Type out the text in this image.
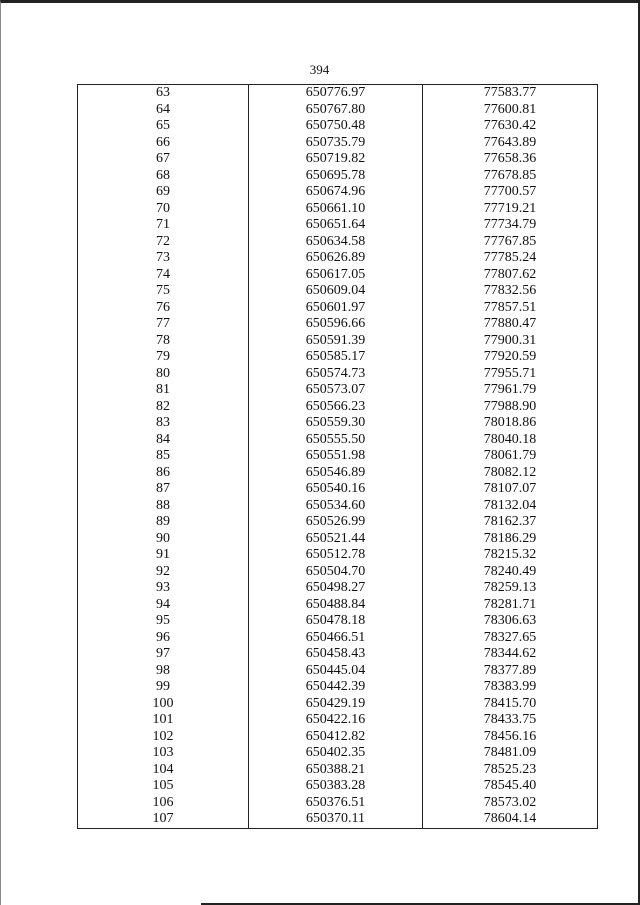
394
63	650776.97	77583.77
64	650767.80	77600.81
65	650750.48	77630.42
66	650735.79	77643.89
67	650719.82	77658.36
68	650695.78	77678.85
69	650674.96	77700.57
70	650661.10	77719.21
71	650651.64	77734.79
72	650634.58	77767.85
73	650626.89	77785.24
74	650617.05	77807.62
75	650609.04	77832.56
76	650601.97	77857.51
77	650596.66	77880.47
78	650591.39	77900.31
79	650585.17	77920.59
80	650574.73	77955.71
81	650573.07	77961.79
82	650566.23	77988.90
83	650559.30	78018.86
84	650555.50	78040.18
85	650551.98	78061.79
86	650546.89	78082.12
87	650540.16	78107.07
88	650534.60	78132.04
89	650526.99	78162.37
90	650521.44	78186.29
91	650512.78	78215.32
92	650504.70	78240.49
93	650498.27	78259.13
94	650488.84	78281.71
95	650478.18	78306.63
96	650466.51	78327.65
97	650458.43	78344.62
98	650445.04	78377.89
99	650442.39	78383.99
100	650429.19	78415.70
101	650422.16	78433.75
102	650412.82	78456.16
103	650402.35	78481.09
104	650388.21	78525.23
105	650383.28	78545.40
106	650376.51	78573.02
107	650370.11	78604.14
